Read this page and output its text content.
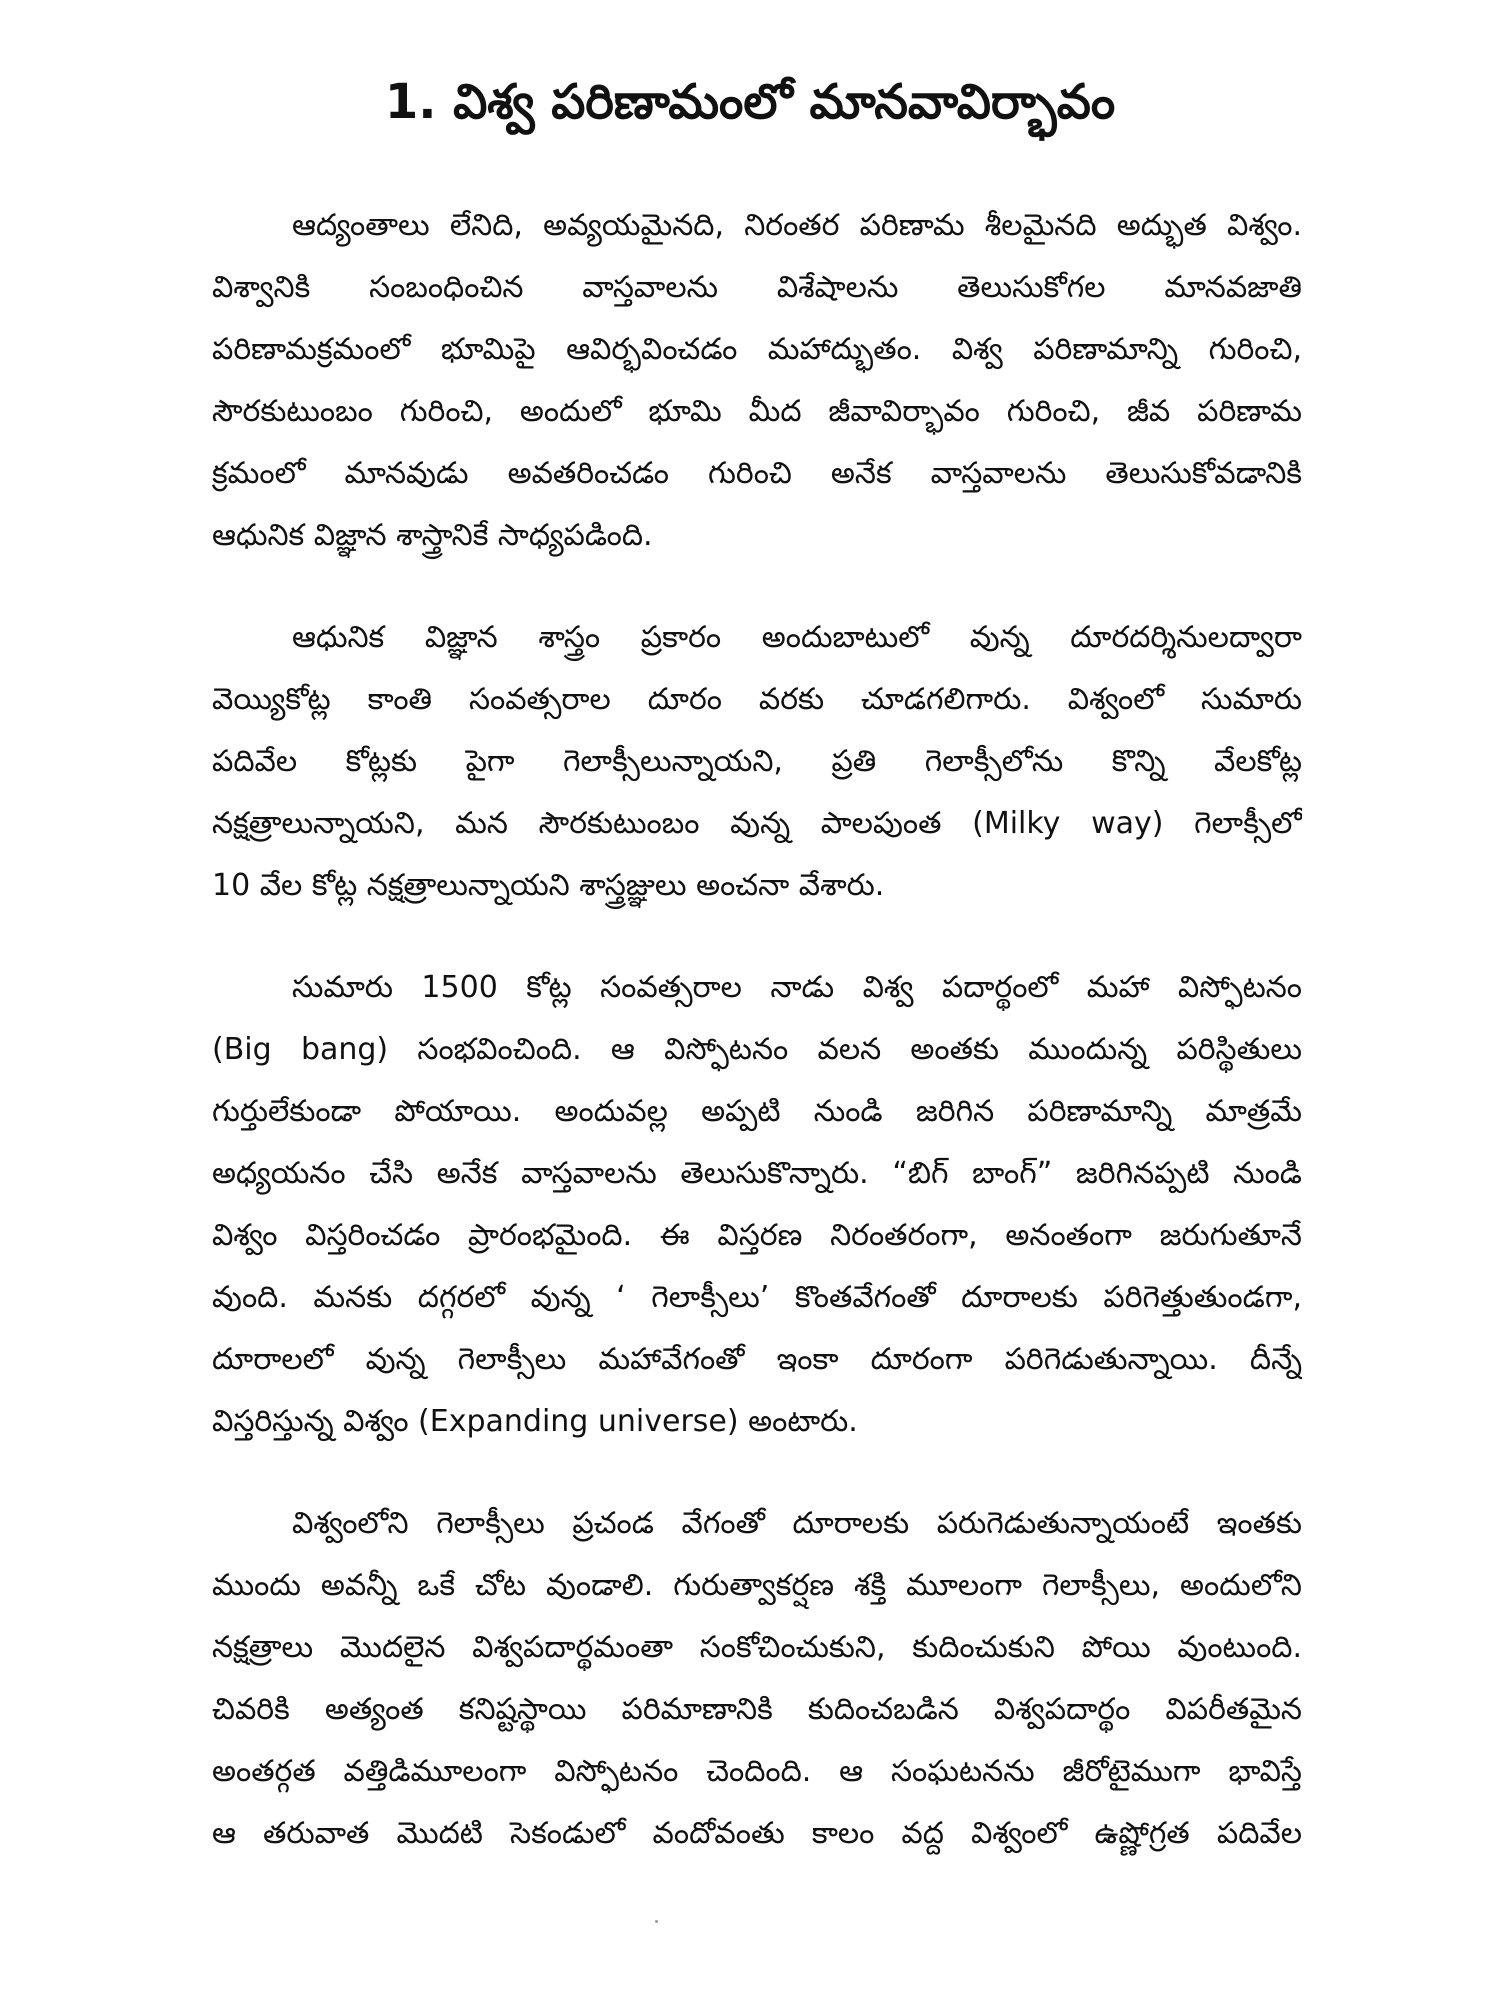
1. విశ్వ పరిణామంలో మానవావిర్భావం
ఆద్యంతాలు లేనిది, అవ్యయమైనది, నిరంతర పరిణామ శీలమైనది అద్భుత విశ్వం.
విశ్వానికి సంబంధించిన వాస్తవాలను విశేషాలను తెలుసుకోగల మానవజాతి
పరిణామక్రమంలో భూమిపై ఆవిర్భవించడం మహాద్భుతం. విశ్వ పరిణామాన్ని గురించి,
సౌరకుటుంబం గురించి, అందులో భూమి మీద జీవావిర్భావం గురించి, జీవ పరిణామ
క్రమంలో మానవుడు అవతరించడం గురించి అనేక వాస్తవాలను తెలుసుకోవడానికి
ఆధునిక విజ్ఞాన శాస్త్రానికే సాధ్యపడింది.
ఆధునిక విజ్ఞాన శాస్త్రం ప్రకారం అందుబాటులో వున్న దూరదర్శినులద్వారా
వెయ్యికోట్ల కాంతి సంవత్సరాల దూరం వరకు చూడగలిగారు. విశ్వంలో సుమారు
పదివేల కోట్లకు పైగా గెలాక్సీలున్నాయని, ప్రతి గెలాక్సీలోను కొన్ని వేలకోట్ల
నక్షత్రాలున్నాయని, మన సౌరకుటుంబం వున్న పాలపుంత (Milky way) గెలాక్సీలో
10 వేల కోట్ల నక్షత్రాలున్నాయని శాస్త్రజ్ఞులు అంచనా వేశారు.
సుమారు 1500 కోట్ల సంవత్సరాల నాడు విశ్వ పదార్థంలో మహా విస్ఫోటనం
(Big bang) సంభవించింది. ఆ విస్ఫోటనం వలన అంతకు ముందున్న పరిస్థితులు
గుర్తులేకుండా పోయాయి. అందువల్ల అప్పటి నుండి జరిగిన పరిణామాన్ని మాత్రమే
అధ్యయనం చేసి అనేక వాస్తవాలను తెలుసుకొన్నారు. “బిగ్ బాంగ్” జరిగినప్పటి నుండి
విశ్వం విస్తరించడం ప్రారంభమైంది. ఈ విస్తరణ నిరంతరంగా, అనంతంగా జరుగుతూనే
వుంది. మనకు దగ్గరలో వున్న ‘ గెలాక్సీలు’ కొంతవేగంతో దూరాలకు పరిగెత్తుతుండగా,
దూరాలలో వున్న గెలాక్సీలు మహావేగంతో ఇంకా దూరంగా పరిగెడుతున్నాయి. దీన్నే
విస్తరిస్తున్న విశ్వం (Expanding universe) అంటారు.
విశ్వంలోని గెలాక్సీలు ప్రచండ వేగంతో దూరాలకు పరుగెడుతున్నాయంటే ఇంతకు
ముందు అవన్నీ ఒకే చోట వుండాలి. గురుత్వాకర్షణ శక్తి మూలంగా గెలాక్సీలు, అందులోని
నక్షత్రాలు మొదలైన విశ్వపదార్థమంతా సంకోచించుకుని, కుదించుకుని పోయి వుంటుంది.
చివరికి అత్యంత కనిష్టస్థాయి పరిమాణానికి కుదించబడిన విశ్వపదార్థం విపరీతమైన
అంతర్గత వత్తిడిమూలంగా విస్ఫోటనం చెందింది. ఆ సంఘటనను జీరోటైముగా భావిస్తే
ఆ తరువాత మొదటి సెకండులో వందోవంతు కాలం వద్ద విశ్వంలో ఉష్ణోగ్రత పదివేల
